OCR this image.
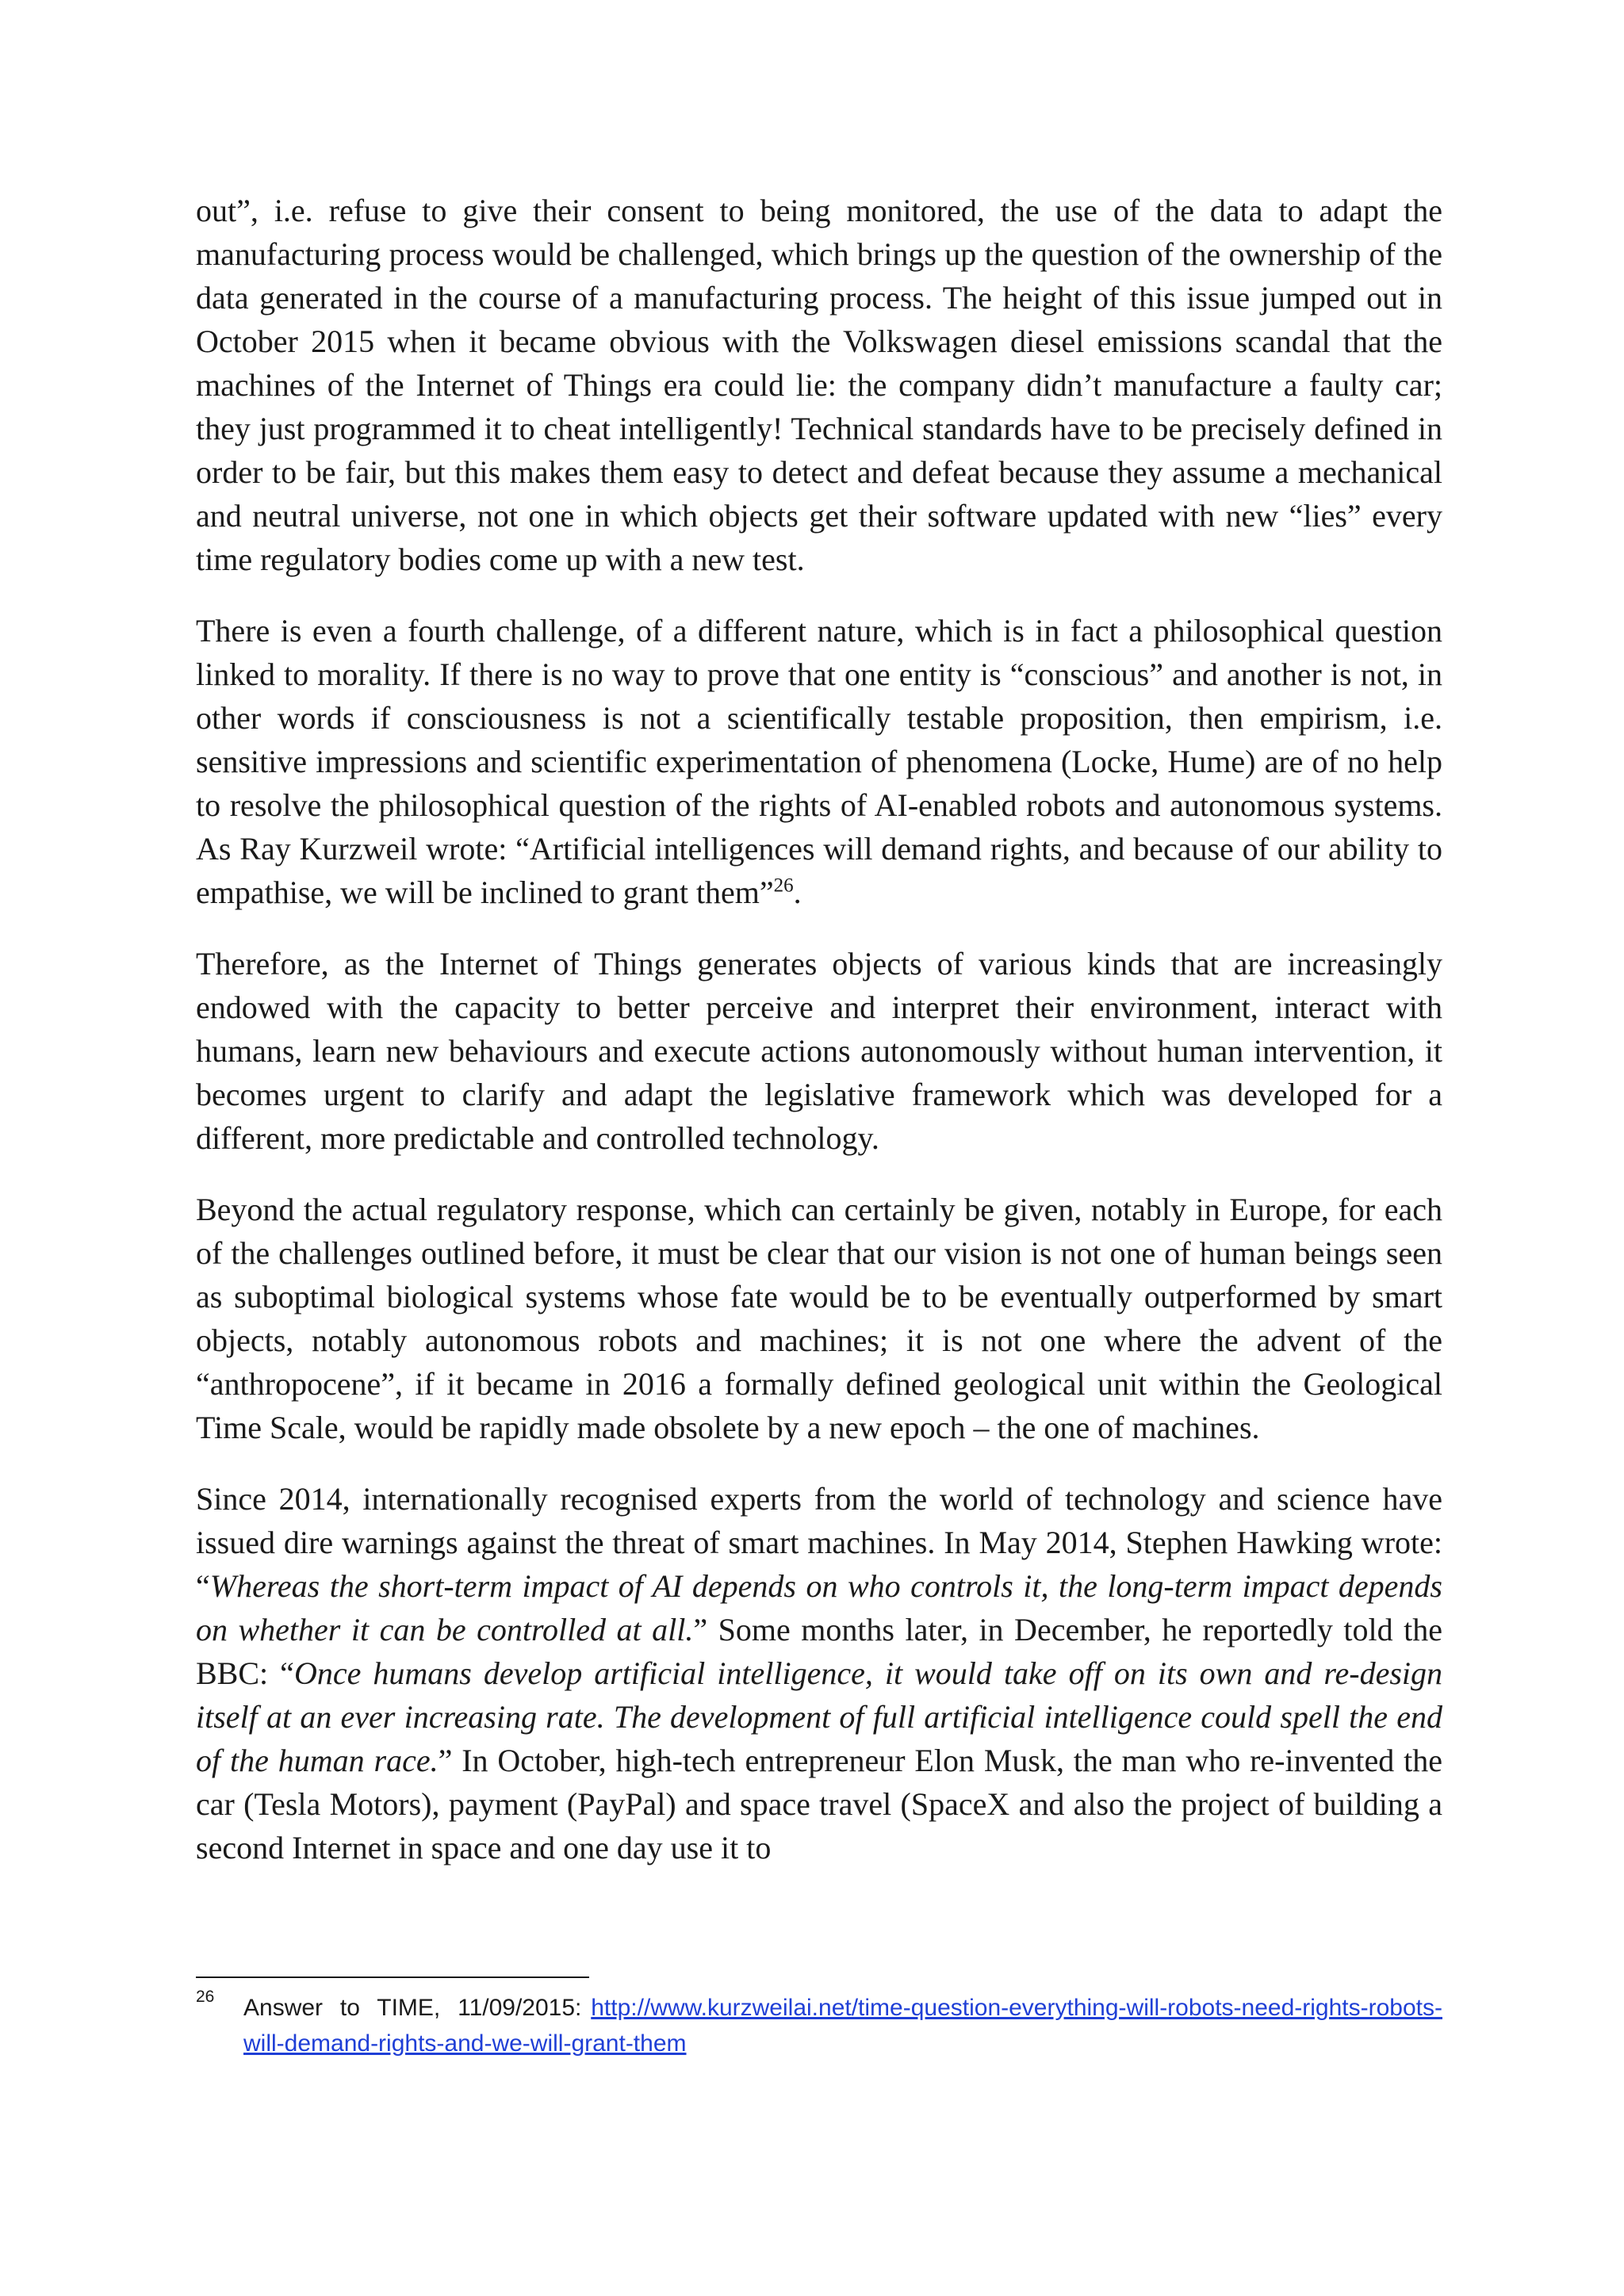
out”, i.e. refuse to give their consent to being monitored, the use of the data to adapt the manufacturing process would be challenged, which brings up the question of the ownership of the data generated in the course of a manufacturing process. The height of this issue jumped out in October 2015 when it became obvious with the Volkswagen diesel emissions scandal that the machines of the Internet of Things era could lie: the company didn’t manufacture a faulty car; they just programmed it to cheat intelligently! Technical standards have to be precisely defined in order to be fair, but this makes them easy to detect and defeat because they assume a mechanical and neutral universe, not one in which objects get their software updated with new “lies” every time regulatory bodies come up with a new test.

There is even a fourth challenge, of a different nature, which is in fact a philosophical question linked to morality. If there is no way to prove that one entity is “conscious” and another is not, in other words if consciousness is not a scientifically testable proposition, then empirism, i.e. sensitive impressions and scientific experimentation of phenomena (Locke, Hume) are of no help to resolve the philosophical question of the rights of AI-enabled robots and autonomous systems. As Ray Kurzweil wrote: “Artificial intelligences will demand rights, and because of our ability to empathise, we will be inclined to grant them”$^{26}$.

Therefore, as the Internet of Things generates objects of various kinds that are increasingly endowed with the capacity to better perceive and interpret their environment, interact with humans, learn new behaviours and execute actions autonomously without human intervention, it becomes urgent to clarify and adapt the legislative framework which was developed for a different, more predictable and controlled technology.

Beyond the actual regulatory response, which can certainly be given, notably in Europe, for each of the challenges outlined before, it must be clear that our vision is not one of human beings seen as suboptimal biological systems whose fate would be to be eventually outperformed by smart objects, notably autonomous robots and machines; it is not one where the advent of the “anthropocene”, if it became in 2016 a formally defined geological unit within the Geological Time Scale, would be rapidly made obsolete by a new epoch – the one of machines.

Since 2014, internationally recognised experts from the world of technology and science have issued dire warnings against the threat of smart machines. In May 2014, Stephen Hawking wrote: “Whereas the short-term impact of AI depends on who controls it, the long-term impact depends on whether it can be controlled at all.” Some months later, in December, he reportedly told the BBC: “Once humans develop artificial intelligence, it would take off on its own and re-design itself at an ever increasing rate. The development of full artificial intelligence could spell the end of the human race.” In October, high-tech entrepreneur Elon Musk, the man who re-invented the car (Tesla Motors), payment (PayPal) and space travel (SpaceX and also the project of building a second Internet in space and one day use it to

26 Answer to TIME, 11/09/2015: http://www.kurzweilai.net/time-question-everything-will-robots-need-rights-robots-will-demand-rights-and-we-will-grant-them
